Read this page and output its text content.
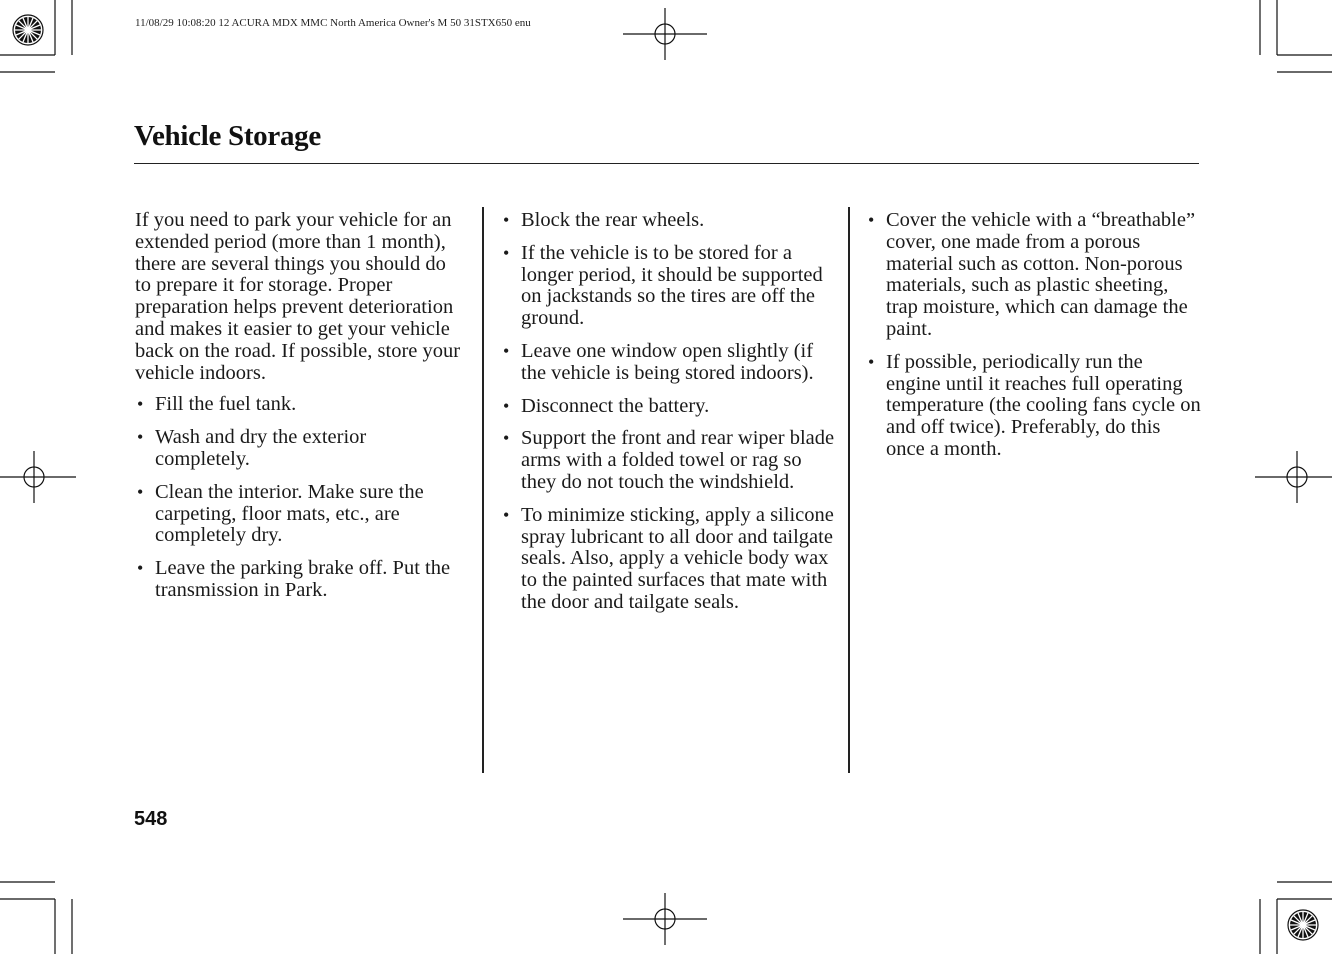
11/08/29 10:08:20 12 ACURA MDX MMC North America Owner's M 50 31STX650 enu
Vehicle Storage

If you need to park your vehicle for an extended period (more than 1 month), there are several things you should do to prepare it for storage. Proper preparation helps prevent deterioration and makes it easier to get your vehicle back on the road. If possible, store your vehicle indoors.

• Fill the fuel tank.
• Wash and dry the exterior completely.
• Clean the interior. Make sure the carpeting, floor mats, etc., are completely dry.
• Leave the parking brake off. Put the transmission in Park.
• Block the rear wheels.
• If the vehicle is to be stored for a longer period, it should be supported on jackstands so the tires are off the ground.
• Leave one window open slightly (if the vehicle is being stored indoors).
• Disconnect the battery.
• Support the front and rear wiper blade arms with a folded towel or rag so they do not touch the windshield.
• To minimize sticking, apply a silicone spray lubricant to all door and tailgate seals. Also, apply a vehicle body wax to the painted surfaces that mate with the door and tailgate seals.
• Cover the vehicle with a “breathable” cover, one made from a porous material such as cotton. Non-porous materials, such as plastic sheeting, trap moisture, which can damage the paint.
• If possible, periodically run the engine until it reaches full operating temperature (the cooling fans cycle on and off twice). Preferably, do this once a month.
548
